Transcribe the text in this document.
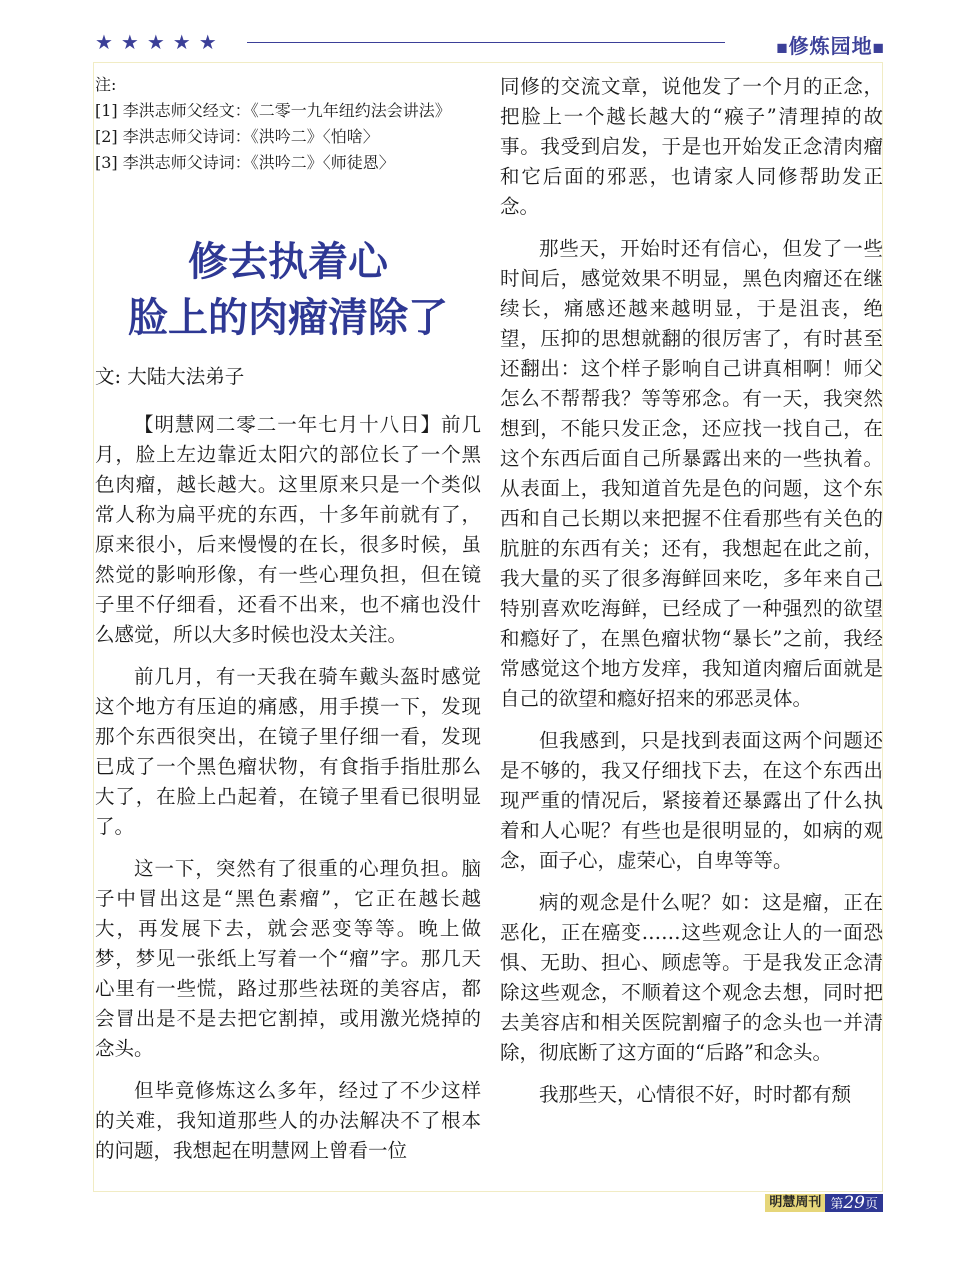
★★★★★	■修炼园地■
注:
[1] 李洪志师父经文：《二零一九年纽约法会讲法》
[2] 李洪志师父诗词：《洪吟二》〈怕啥〉
[3] 李洪志师父诗词：《洪吟二》〈师徒恩〉
修去执着心
脸上的肉瘤清除了
文: 大陆大法弟子

【明慧网二零二一年七月十八日】前几月，脸上左边靠近太阳穴的部位长了一个黑色肉瘤，越长越大。这里原来只是一个类似常人称为扁平疣的东西，十多年前就有了，原来很小，后来慢慢的在长，很多时候，虽然觉的影响形像，有一些心理负担，但在镜子里不仔细看，还看不出来，也不痛也没什么感觉，所以大多时候也没太关注。

前几月，有一天我在骑车戴头盔时感觉这个地方有压迫的痛感，用手摸一下，发现那个东西很突出，在镜子里仔细一看，发现已成了一个黑色瘤状物，有食指手指肚那么大了，在脸上凸起着，在镜子里看已很明显了。

这一下，突然有了很重的心理负担。脑子中冒出这是“黑色素瘤”，它正在越长越大，再发展下去，就会恶变等等。晚上做梦，梦见一张纸上写着一个“瘤”字。那几天心里有一些慌，路过那些祛斑的美容店，都会冒出是不是去把它割掉，或用激光烧掉的念头。

但毕竟修炼这么多年，经过了不少这样的关难，我知道那些人的办法解决不了根本的问题，我想起在明慧网上曾看一位

同修的交流文章，说他发了一个月的正念，把脸上一个越长越大的“瘊子”清理掉的故事。我受到启发，于是也开始发正念清肉瘤和它后面的邪恶，也请家人同修帮助发正念。

那些天，开始时还有信心，但发了一些时间后，感觉效果不明显，黑色肉瘤还在继续长，痛感还越来越明显，于是沮丧，绝望，压抑的思想就翻的很厉害了，有时甚至还翻出：这个样子影响自己讲真相啊！师父怎么不帮帮我？等等邪念。有一天，我突然想到，不能只发正念，还应找一找自己，在这个东西后面自己所暴露出来的一些执着。从表面上，我知道首先是色的问题，这个东西和自己长期以来把握不住看那些有关色的肮脏的东西有关；还有，我想起在此之前，我大量的买了很多海鲜回来吃，多年来自己特别喜欢吃海鲜，已经成了一种强烈的欲望和瘾好了，在黑色瘤状物“暴长”之前，我经常感觉这个地方发痒，我知道肉瘤后面就是自己的欲望和瘾好招来的邪恶灵体。

但我感到，只是找到表面这两个问题还是不够的，我又仔细找下去，在这个东西出现严重的情况后，紧接着还暴露出了什么执着和人心呢？有些也是很明显的，如病的观念，面子心，虚荣心，自卑等等。

病的观念是什么呢？如：这是瘤，正在恶化，正在癌变……这些观念让人的一面恐惧、无助、担心、顾虑等。于是我发正念清除这些观念，不顺着这个观念去想，同时把去美容店和相关医院割瘤子的念头也一并清除，彻底断了这方面的“后路”和念头。

我那些天，心情很不好，时时都有颓

明慧周刊 第29页
